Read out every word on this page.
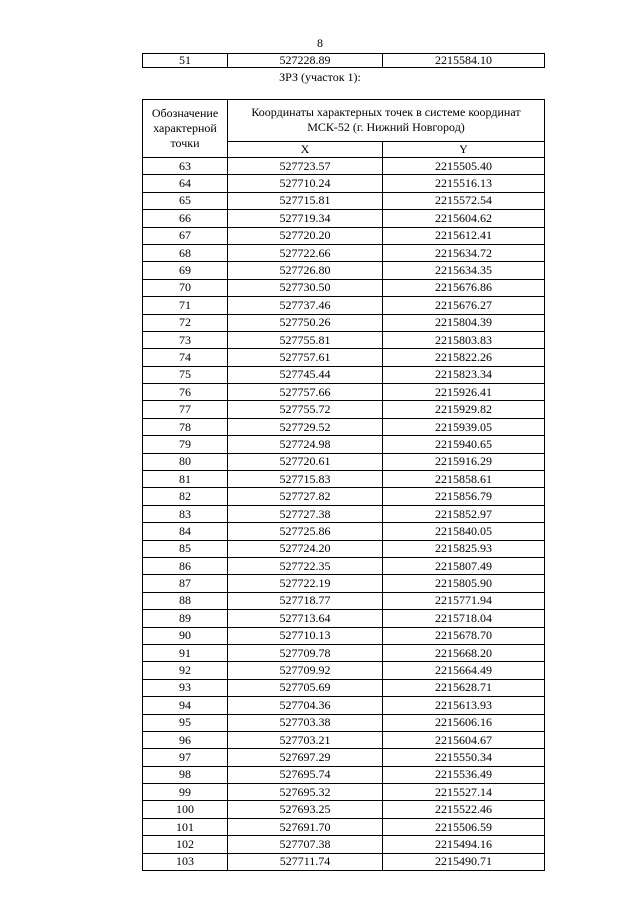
8
51	527228.89	2215584.10
ЗРЗ (участок 1):
Обозначение характерной точки	Координаты характерных точек в системе координат МСК-52 (г. Нижний Новгород)	
	X	Y
63	527723.57	2215505.40
64	527710.24	2215516.13
65	527715.81	2215572.54
66	527719.34	2215604.62
67	527720.20	2215612.41
68	527722.66	2215634.72
69	527726.80	2215634.35
70	527730.50	2215676.86
71	527737.46	2215676.27
72	527750.26	2215804.39
73	527755.81	2215803.83
74	527757.61	2215822.26
75	527745.44	2215823.34
76	527757.66	2215926.41
77	527755.72	2215929.82
78	527729.52	2215939.05
79	527724.98	2215940.65
80	527720.61	2215916.29
81	527715.83	2215858.61
82	527727.82	2215856.79
83	527727.38	2215852.97
84	527725.86	2215840.05
85	527724.20	2215825.93
86	527722.35	2215807.49
87	527722.19	2215805.90
88	527718.77	2215771.94
89	527713.64	2215718.04
90	527710.13	2215678.70
91	527709.78	2215668.20
92	527709.92	2215664.49
93	527705.69	2215628.71
94	527704.36	2215613.93
95	527703.38	2215606.16
96	527703.21	2215604.67
97	527697.29	2215550.34
98	527695.74	2215536.49
99	527695.32	2215527.14
100	527693.25	2215522.46
101	527691.70	2215506.59
102	527707.38	2215494.16
103	527711.74	2215490.71
